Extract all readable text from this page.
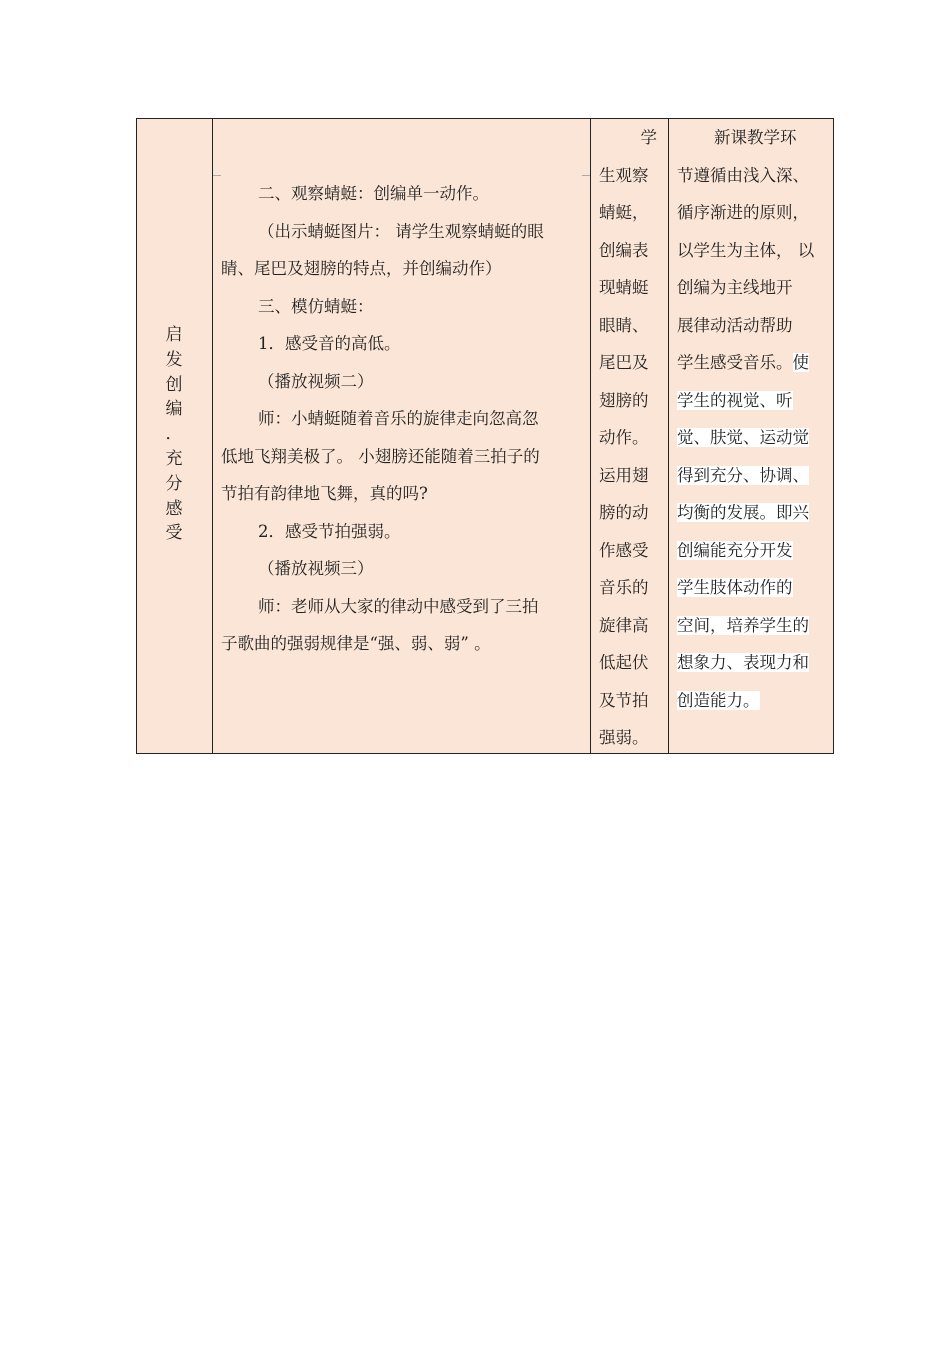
启
发
创
编
．
充
分
感
受

二、观察蜻蜓：创编单一动作。

（出示蜻蜓图片： 请学生观察蜻蜓的眼

睛、尾巴及翅膀的特点，并创编动作）

三、模仿蜻蜓：

1．感受音的高低。

（播放视频二）

师：小蜻蜓随着音乐的旋律走向忽高忽

低地飞翔美极了。 小翅膀还能随着三拍子的

节拍有韵律地飞舞，真的吗?

2．感受节拍强弱。

（播放视频三）

师：老师从大家的律动中感受到了三拍

子歌曲的强弱规律是“强、弱、弱” 。

学

生观察

蜻蜓，

创编表

现蜻蜓

眼睛、

尾巴及

翅膀的

动作。

运用翅

膀的动

作感受

音乐的

旋律高

低起伏

及节拍

强弱。

新课教学环

节遵循由浅入深、

循序渐进的原则，

以学生为主体， 以

创编为主线地开

展律动活动帮助

学生感受音乐。使

学生的视觉、听

觉、肤觉、运动觉

得到充分、协调、

均衡的发展。即兴

创编能充分开发

学生肢体动作的

空间，培养学生的

想象力、表现力和

创造能力。
